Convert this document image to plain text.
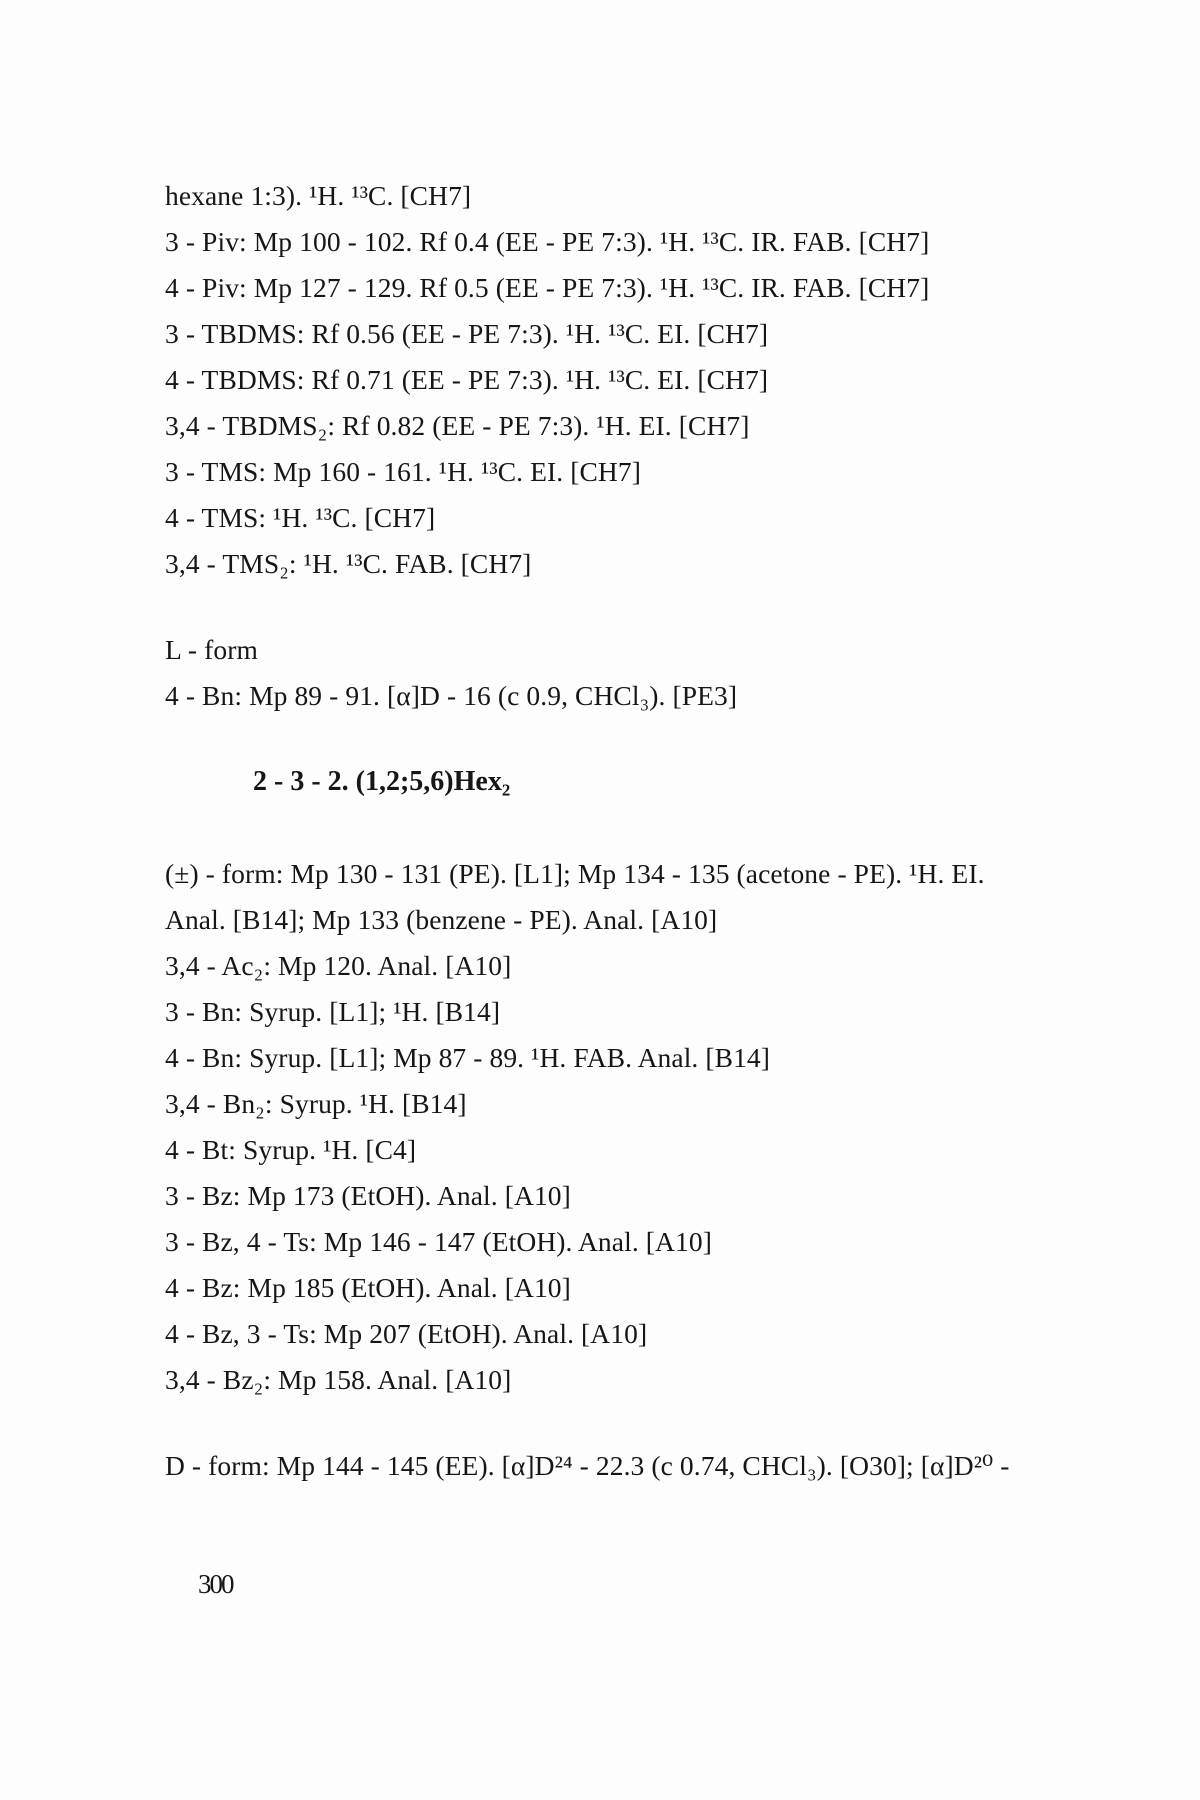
hexane 1:3). ¹H. ¹³C. [CH7]
3 - Piv: Mp 100 - 102. Rf 0.4 (EE - PE 7:3). ¹H. ¹³C. IR. FAB. [CH7]
4 - Piv: Mp 127 - 129. Rf 0.5 (EE - PE 7:3). ¹H. ¹³C. IR. FAB. [CH7]
3 - TBDMS: Rf 0.56 (EE - PE 7:3). ¹H. ¹³C. EI. [CH7]
4 - TBDMS: Rf 0.71 (EE - PE 7:3). ¹H. ¹³C. EI. [CH7]
3,4 - TBDMS₂: Rf 0.82 (EE - PE 7:3). ¹H. EI. [CH7]
3 - TMS: Mp 160 - 161. ¹H. ¹³C. EI. [CH7]
4 - TMS: ¹H. ¹³C. [CH7]
3,4 - TMS₂: ¹H. ¹³C. FAB. [CH7]
L - form
4 - Bn: Mp 89 - 91. [α]D - 16 (c 0.9, CHCl₃). [PE3]
2 - 3 - 2. (1,2;5,6)Hex₂
(±) - form: Mp 130 - 131 (PE). [L1]; Mp 134 - 135 (acetone - PE). ¹H. EI.
Anal. [B14]; Mp 133 (benzene - PE). Anal. [A10]
3,4 - Ac₂: Mp 120. Anal. [A10]
3 - Bn: Syrup. [L1]; ¹H. [B14]
4 - Bn: Syrup. [L1]; Mp 87 - 89. ¹H. FAB. Anal. [B14]
3,4 - Bn₂: Syrup. ¹H. [B14]
4 - Bt: Syrup. ¹H. [C4]
3 - Bz: Mp 173 (EtOH). Anal. [A10]
3 - Bz, 4 - Ts: Mp 146 - 147 (EtOH). Anal. [A10]
4 - Bz: Mp 185 (EtOH). Anal. [A10]
4 - Bz, 3 - Ts: Mp 207 (EtOH). Anal. [A10]
3,4 - Bz₂: Mp 158. Anal. [A10]
D - form: Mp 144 - 145 (EE). [α]D²⁴ - 22.3 (c 0.74, CHCl₃). [O30]; [α]D²⁰ -
300
